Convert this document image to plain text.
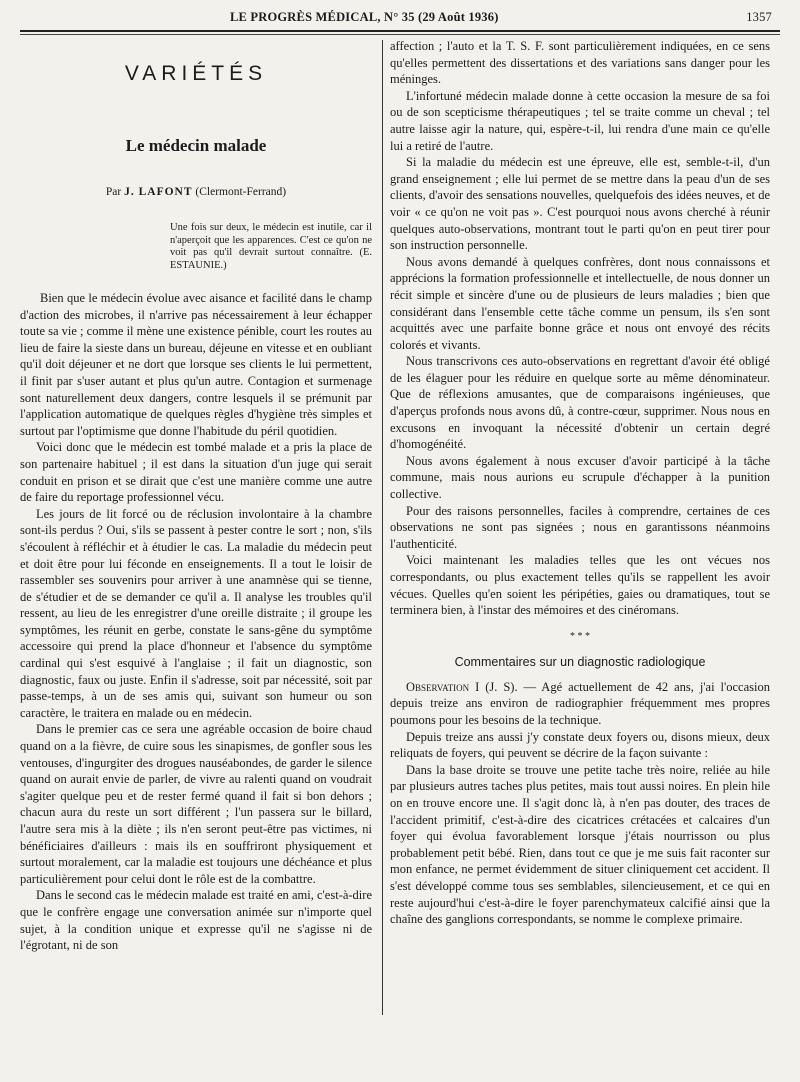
LE PROGRÈS MÉDICAL, N° 35 (29 Août 1936)	1357
VARIÉTÉS
Le médecin malade
Par J. LAFONT (Clermont-Ferrand)
Une fois sur deux, le médecin est inutile, car il n'aperçoit que les apparences. C'est ce qu'on ne voit pas qu'il devrait surtout connaître. (E. ESTAUNIE.)

Bien que le médecin évolue avec aisance et facilité dans le champ d'action des microbes, il n'arrive pas nécessairement à leur échapper toute sa vie ; comme il mène une existence pénible, court les routes au lieu de faire la sieste dans un bureau, déjeune en vitesse et en oubliant qu'il doit déjeuner et ne dort que lorsque ses clients le lui permettent, il finit par s'user autant et plus qu'un autre. Contagion et surmenage sont naturellement deux dangers, contre lesquels il se prémunit par l'application automatique de quelques règles d'hygiène très simples et surtout par l'optimisme que donne l'habitude du péril quotidien.

Voici donc que le médecin est tombé malade et a pris la place de son partenaire habituel ; il est dans la situation d'un juge qui serait conduit en prison et se dirait que c'est une manière comme une autre de faire du reportage professionnel vécu.

Les jours de lit forcé ou de réclusion involontaire à la chambre sont-ils perdus ? Oui, s'ils se passent à pester contre le sort ; non, s'ils s'écoulent à réfléchir et à étudier le cas. La maladie du médecin peut et doit être pour lui féconde en enseignements. Il a tout le loisir de rassembler ses souvenirs pour arriver à une anamnèse qui se tienne, de s'étudier et de se demander ce qu'il a. Il analyse les troubles qu'il ressent, au lieu de les enregistrer d'une oreille distraite ; il groupe les symptômes, les réunit en gerbe, constate le sans-gêne du symptôme accessoire qui prend la place d'honneur et l'absence du symptôme cardinal qui s'est esquivé à l'anglaise ; il fait un diagnostic, son diagnostic, faux ou juste. Enfin il s'adresse, soit par nécessité, soit par passe-temps, à un de ses amis qui, suivant son humeur ou son caractère, le traitera en malade ou en médecin.

Dans le premier cas ce sera une agréable occasion de boire chaud quand on a la fièvre, de cuire sous les sinapismes, de gonfler sous les ventouses, d'ingurgiter des drogues nauséabondes, de garder le silence quand on aurait envie de parler, de vivre au ralenti quand on voudrait s'agiter quelque peu et de rester fermé quand il fait si bon dehors ; chacun aura du reste un sort différent ; l'un passera sur le billard, l'autre sera mis à la diète ; ils n'en seront peut-être pas victimes, ni bénéficiaires d'ailleurs : mais ils en souffriront physiquement et surtout moralement, car la maladie est toujours une déchéance et plus particulièrement pour celui dont le rôle est de la combattre.

Dans le second cas le médecin malade est traité en ami, c'est-à-dire que le confrère engage une conversation animée sur n'importe quel sujet, à la condition unique et expresse qu'il ne s'agisse ni de l'égrotant, ni de son

affection ; l'auto et la T. S. F. sont particulièrement indiquées, en ce sens qu'elles permettent des dissertations et des variations sans danger pour les méninges.

L'infortuné médecin malade donne à cette occasion la mesure de sa foi ou de son scepticisme thérapeutiques ; tel se traite comme un cheval ; tel autre laisse agir la nature, qui, espère-t-il, lui rendra d'une main ce qu'elle lui a retiré de l'autre.

Si la maladie du médecin est une épreuve, elle est, semble-t-il, d'un grand enseignement ; elle lui permet de se mettre dans la peau d'un de ses clients, d'avoir des sensations nouvelles, quelquefois des idées neuves, et de voir « ce qu'on ne voit pas ». C'est pourquoi nous avons cherché à réunir quelques auto-observations, montrant tout le parti qu'on en peut tirer pour son instruction personnelle.

Nous avons demandé à quelques confrères, dont nous connaissons et apprécions la formation professionnelle et intellectuelle, de nous donner un récit simple et sincère d'une ou de plusieurs de leurs maladies ; bien que considérant dans l'ensemble cette tâche comme un pensum, ils s'en sont acquittés avec une parfaite bonne grâce et nous ont envoyé des récits colorés et vivants.

Nous transcrivons ces auto-observations en regrettant d'avoir été obligé de les élaguer pour les réduire en quelque sorte au même dénominateur. Que de réflexions amusantes, que de comparaisons ingénieuses, que d'aperçus profonds nous avons dû, à contre-cœur, supprimer. Nous nous en excusons en invoquant la nécessité d'obtenir un certain degré d'homogénéité.

Nous avons également à nous excuser d'avoir participé à la tâche commune, mais nous aurions eu scrupule d'échapper à la punition collective.

Pour des raisons personnelles, faciles à comprendre, certaines de ces observations ne sont pas signées ; nous en garantissons néanmoins l'authenticité.

Voici maintenant les maladies telles que les ont vécues nos correspondants, ou plus exactement telles qu'ils se rappellent les avoir vécues. Quelles qu'en soient les péripéties, gaies ou dramatiques, tout se terminera bien, à l'instar des mémoires et des cinéromans.

* * *
Commentaires sur un diagnostic radiologique

Observation I (J. S). — Agé actuellement de 42 ans, j'ai l'occasion depuis treize ans environ de radiographier fréquemment mes propres poumons pour les besoins de la technique.

Depuis treize ans aussi j'y constate deux foyers ou, disons mieux, deux reliquats de foyers, qui peuvent se décrire de la façon suivante :

Dans la base droite se trouve une petite tache très noire, reliée au hile par plusieurs autres taches plus petites, mais tout aussi noires. En plein hile on en trouve encore une. Il s'agit donc là, à n'en pas douter, des traces de l'accident primitif, c'est-à-dire des cicatrices crétacées et calcaires d'un foyer qui évolua favorablement lorsque j'étais nourrisson ou plus probablement petit bébé. Rien, dans tout ce que je me suis fait raconter sur mon enfance, ne permet évidemment de situer cliniquement cet accident. Il s'est développé comme tous ses semblables, silencieusement, et ce qui en reste aujourd'hui c'est-à-dire le foyer parenchymateux calcifié ainsi que la chaîne des ganglions correspondants, se nomme le complexe primaire.
